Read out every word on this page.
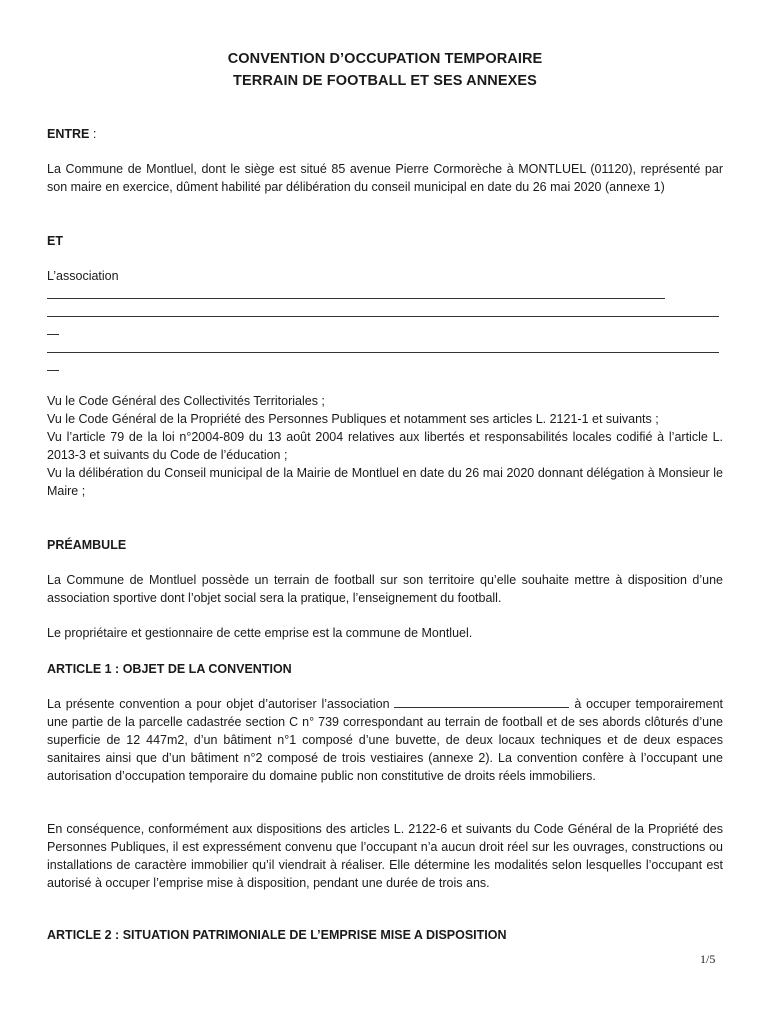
CONVENTION D’OCCUPATION TEMPORAIRE
TERRAIN DE FOOTBALL ET SES ANNEXES
ENTRE :
La Commune de Montluel, dont le siège est situé 85 avenue Pierre Cormorèche à MONTLUEL (01120), représenté par son maire en exercice, dûment habilité par délibération du conseil municipal en date du 26 mai 2020 (annexe 1)
ET
L’association

Vu le Code Général des Collectivités Territoriales ;

Vu le Code Général de la Propriété des Personnes Publiques et notamment ses articles L. 2121-1 et suivants ;

Vu l’article 79 de la loi n°2004-809 du 13 août 2004 relatives aux libertés et responsabilités locales codifié à l’article L. 2013-3 et suivants du Code de l’éducation ;

Vu la délibération du Conseil municipal de la Mairie de Montluel en date du 26 mai 2020 donnant délégation à Monsieur le Maire ;

PRÉAMBULE
La Commune de Montluel possède un terrain de football sur son territoire qu’elle souhaite mettre à disposition d’une association sportive dont l’objet social sera la pratique, l’enseignement du football.
Le propriétaire et gestionnaire de cette emprise est la commune de Montluel.
ARTICLE 1 : OBJET DE LA CONVENTION
La présente convention a pour objet d’autoriser l’association	à occuper temporairement une partie de la parcelle cadastrée section C n° 739 correspondant au terrain de football et de ses abords clôturés d’une superficie de 12 447m2, d’un bâtiment n°1 composé d’une buvette, de deux locaux techniques et de deux espaces sanitaires ainsi que d’un bâtiment n°2 composé de trois vestiaires (annexe 2). La convention confère à l’occupant une autorisation d’occupation temporaire du domaine public non constitutive de droits réels immobiliers.
En conséquence, conformément aux dispositions des articles L. 2122-6 et suivants du Code Général de la Propriété des Personnes Publiques, il est expressément convenu que l’occupant n’a aucun droit réel sur les ouvrages, constructions ou installations de caractère immobilier qu’il viendrait à réaliser. Elle détermine les modalités selon lesquelles l’occupant est autorisé à occuper l’emprise mise à disposition, pendant une durée de trois ans.
ARTICLE 2 : SITUATION PATRIMONIALE DE L’EMPRISE MISE A DISPOSITION
1/5
